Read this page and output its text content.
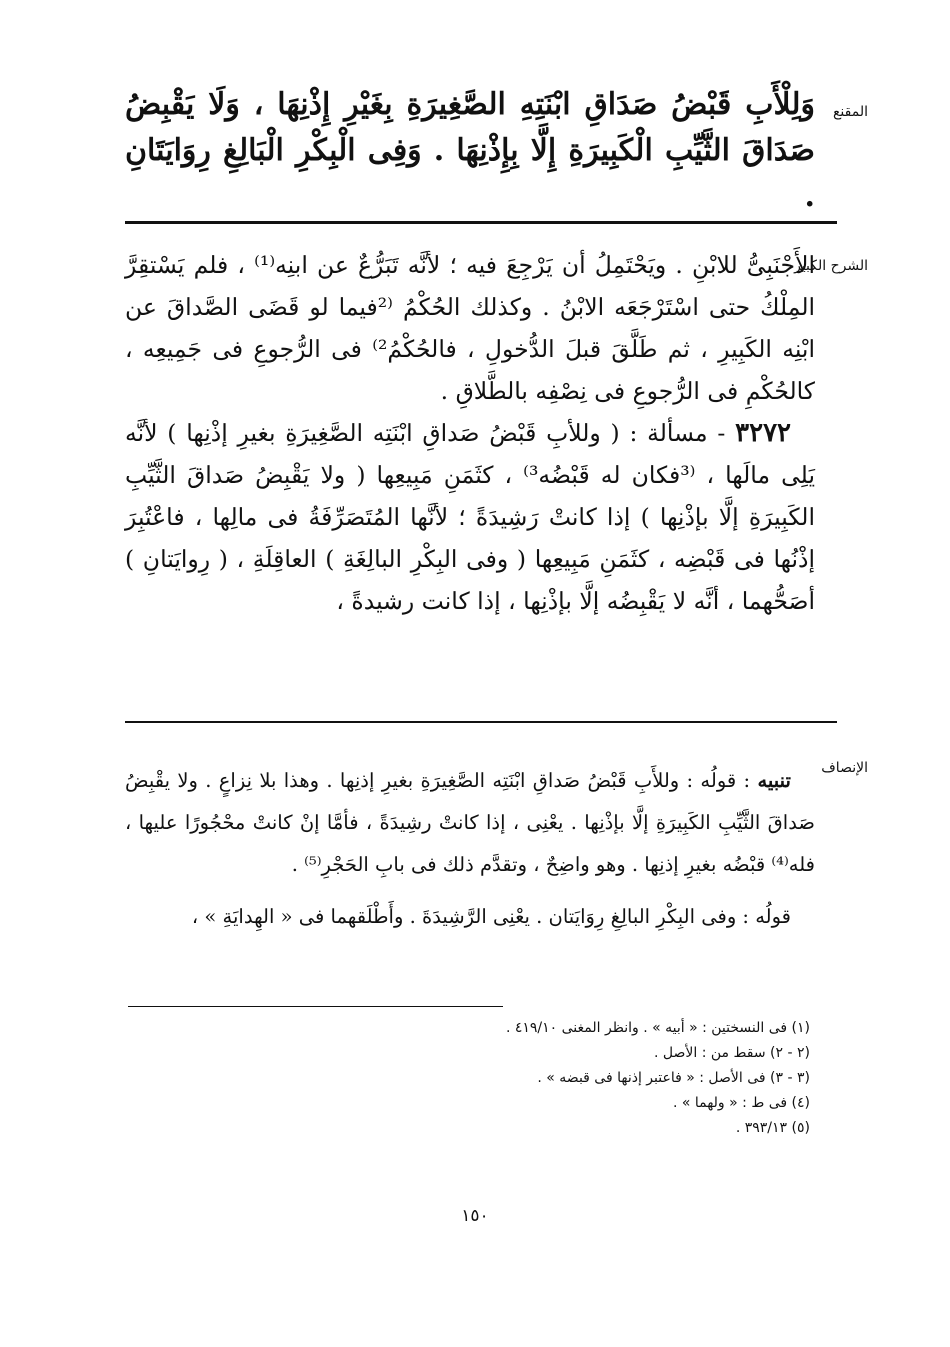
المقنع

وَلِلْأَبِ قَبْضُ صَدَاقِ ابْنَتِهِ الصَّغِيرَةِ بِغَيْرِ إِذْنِهَا ، وَلَا يَقْبِضُ صَدَاقَ الثَّيِّبِ الْكَبِيرَةِ إِلَّا بِإِذْنِهَا . وَفِى الْبِكْرِ الْبَالِغِ رِوَايَتَانِ .

الشرح الكبير

الأَجْنَبِىُّ للابْنِ . ويَحْتَمِلُ أن يَرْجِعَ فيه ؛ لأنَّه تَبَرُّعٌ عن ابنِه⁽¹⁾ ، فلم يَسْتقِرَّ المِلْكُ حتى اسْتَرْجَعَه الابْنُ . وكذلك الحُكْمُ ⁽²فيما لو قَضَى الصَّداقَ عن ابْنِه الكَبِيرِ ، ثم طَلَّقَ قبلَ الدُّخولِ ، فالحُكْمُ²⁾ فى الرُّجوعِ فى جَمِيعِه ، كالحُكْمِ فى الرُّجوعِ فى نِصْفِه بالطَّلاقِ .

٣٢٧٢ - مسألة : ( وللأبِ قَبْضُ صَداقِ ابْنَتِه الصَّغِيرَةِ بغيرِ إذْنِها ) لأنَّه يَلِى مالَها ، ⁽³فكان له قَبْضُه³⁾ ، كثَمَنِ مَبِيعِها ( ولا يَقْبِضُ صَداقَ الثَّيِّبِ الكَبِيرَةِ إلَّا بإذْنِها ) إذا كانتْ رَشِيدَةً ؛ لأنَّها المُتَصَرِّفَةُ فى مالِها ، فاعْتُبِرَ إذْنُها فى قَبْضِه ، كثَمَنِ مَبِيعِها ( وفى البِكْرِ البالِغَةِ ) العاقِلَةِ ، ( رِوايَتانِ ) أصَحُّهما ، أنَّه لا يَقْبِضُه إلَّا بإذْنِها ، إذا كانت رشيدةً ،

الإنصاف

تنبيه : قولُه : وللأَبِ قَبْضُ صَداقِ ابْنَتِه الصَّغِيرَةِ بغيرِ إذنِها . وهذا بلا نِزاعٍ . ولا يقْبِضُ صَداقَ الثَّيِّبِ الكَبِيرَةِ إلَّا بإذْنِها . يعْنِى ، إذا كانتْ رشِيدَةً ، فأمَّا إنْ كانتْ محْجُورًا عليها ، فله⁽⁴⁾ قبْضُه بغيرِ إذنِها . وهو واضِحٌ ، وتقدَّم ذلك فى بابِ الحَجْرِ⁽⁵⁾ .

قولُه : وفى البِكْرِ البالِغِ رِوَايَتان . يعْنِى الرَّشِيدَةَ . وأَطْلَقهما فى « الهِدايَةِ » ،

(١) فى النسختين : « أبيه » . وانظر المغنى ٤١٩/١٠ .
(٢ - ٢) سقط من : الأصل .
(٣ - ٣) فى الأصل : « فاعتبر إذنها فى قبضه » .
(٤) فى ط : « ولهما » .
(٥) ٣٩٣/١٣ .
١٥٠
